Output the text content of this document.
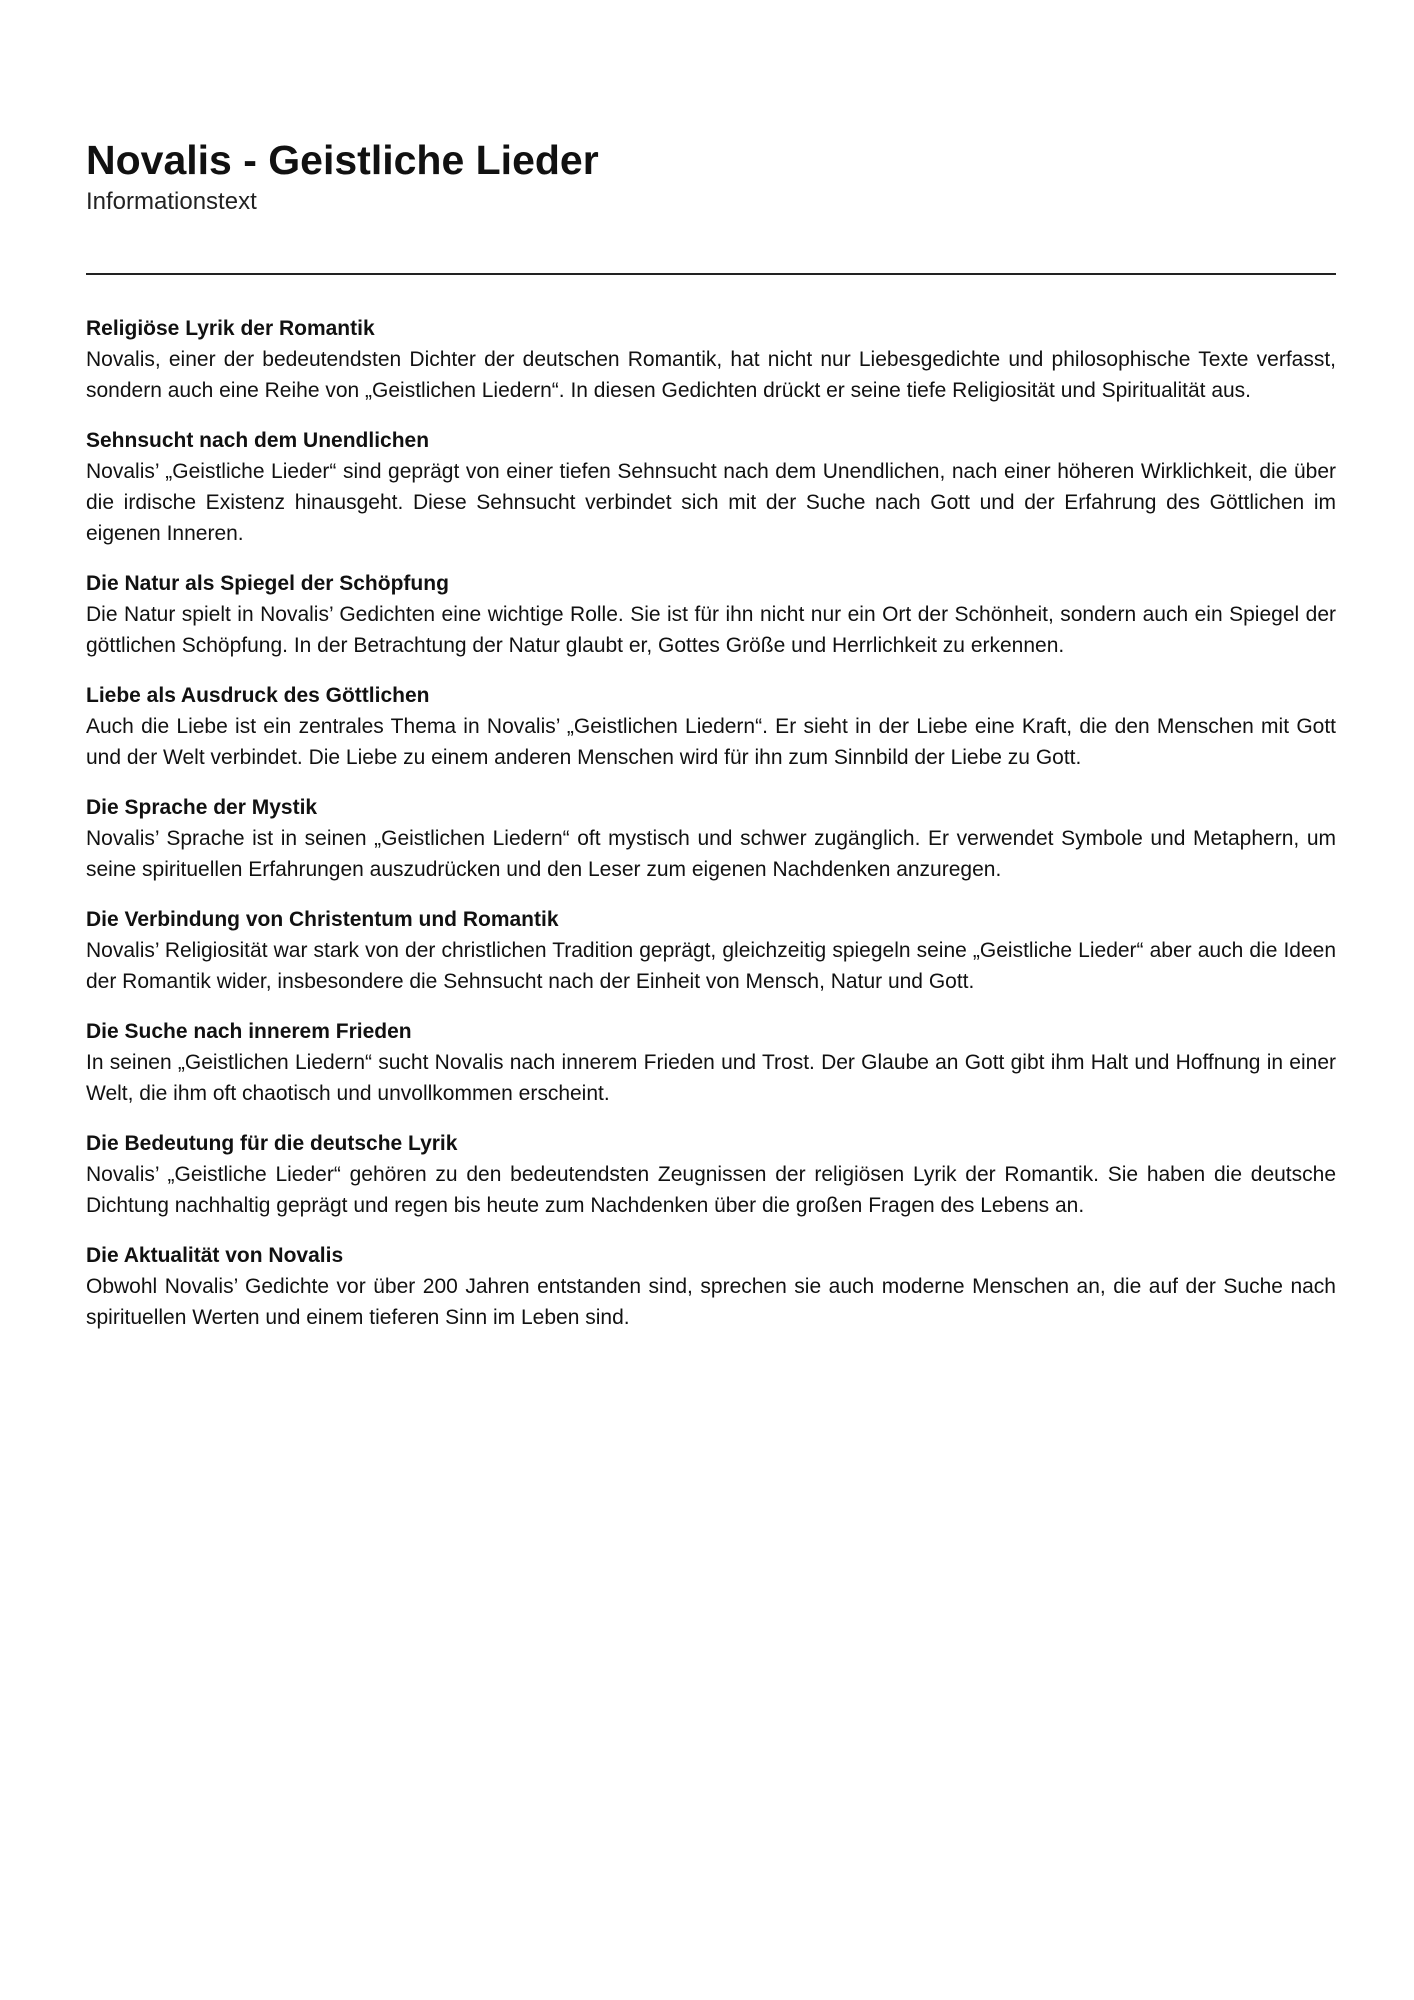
Novalis - Geistliche Lieder
Informationstext
Religiöse Lyrik der Romantik

Novalis, einer der bedeutendsten Dichter der deutschen Romantik, hat nicht nur Liebesgedichte und philosophische Texte verfasst, sondern auch eine Reihe von „Geistlichen Liedern“. In diesen Gedichten drückt er seine tiefe Religiosität und Spiritualität aus.

Sehnsucht nach dem Unendlichen

Novalis’ „Geistliche Lieder“ sind geprägt von einer tiefen Sehnsucht nach dem Unendlichen, nach einer höheren Wirklichkeit, die über die irdische Existenz hinausgeht. Diese Sehnsucht verbindet sich mit der Suche nach Gott und der Erfahrung des Göttlichen im eigenen Inneren.

Die Natur als Spiegel der Schöpfung

Die Natur spielt in Novalis’ Gedichten eine wichtige Rolle. Sie ist für ihn nicht nur ein Ort der Schönheit, sondern auch ein Spiegel der göttlichen Schöpfung. In der Betrachtung der Natur glaubt er, Gottes Größe und Herrlichkeit zu erkennen.

Liebe als Ausdruck des Göttlichen

Auch die Liebe ist ein zentrales Thema in Novalis’ „Geistlichen Liedern“. Er sieht in der Liebe eine Kraft, die den Menschen mit Gott und der Welt verbindet. Die Liebe zu einem anderen Menschen wird für ihn zum Sinnbild der Liebe zu Gott.

Die Sprache der Mystik

Novalis’ Sprache ist in seinen „Geistlichen Liedern“ oft mystisch und schwer zugänglich. Er verwendet Symbole und Metaphern, um seine spirituellen Erfahrungen auszudrücken und den Leser zum eigenen Nachdenken anzuregen.

Die Verbindung von Christentum und Romantik

Novalis’ Religiosität war stark von der christlichen Tradition geprägt, gleichzeitig spiegeln seine „Geistliche Lieder“ aber auch die Ideen der Romantik wider, insbesondere die Sehnsucht nach der Einheit von Mensch, Natur und Gott.

Die Suche nach innerem Frieden

In seinen „Geistlichen Liedern“ sucht Novalis nach innerem Frieden und Trost. Der Glaube an Gott gibt ihm Halt und Hoffnung in einer Welt, die ihm oft chaotisch und unvollkommen erscheint.

Die Bedeutung für die deutsche Lyrik

Novalis’ „Geistliche Lieder“ gehören zu den bedeutendsten Zeugnissen der religiösen Lyrik der Romantik. Sie haben die deutsche Dichtung nachhaltig geprägt und regen bis heute zum Nachdenken über die großen Fragen des Lebens an.

Die Aktualität von Novalis

Obwohl Novalis’ Gedichte vor über 200 Jahren entstanden sind, sprechen sie auch moderne Menschen an, die auf der Suche nach spirituellen Werten und einem tieferen Sinn im Leben sind.
